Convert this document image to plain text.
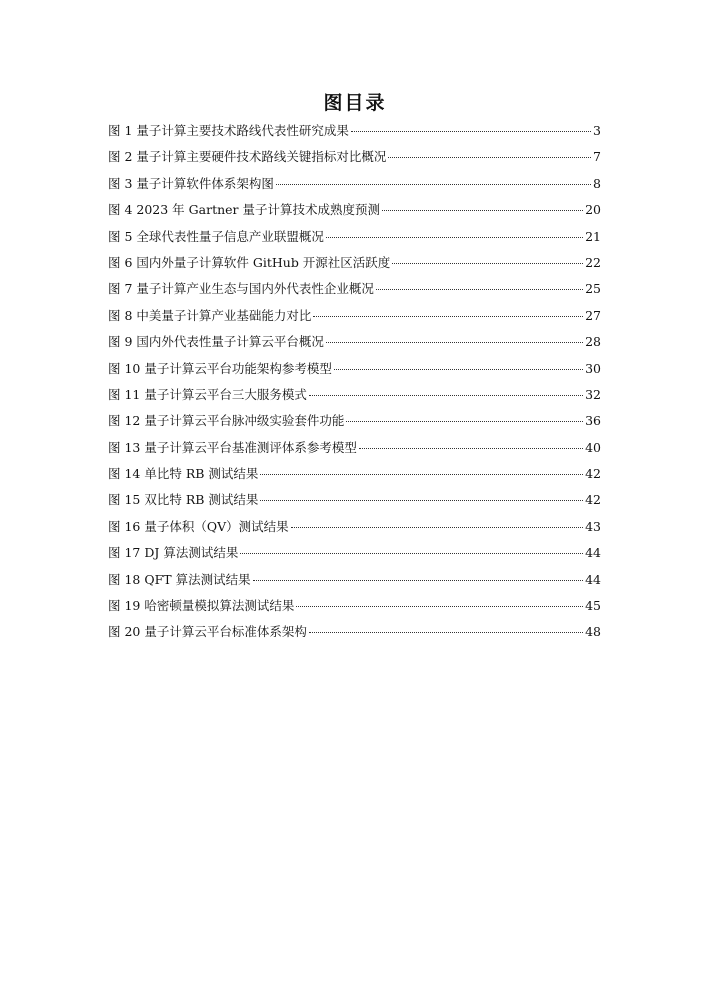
图目录
图 1 量子计算主要技术路线代表性研究成果	3
图 2 量子计算主要硬件技术路线关键指标对比概况	7
图 3 量子计算软件体系架构图	8
图 4 2023 年 Gartner 量子计算技术成熟度预测	20
图 5 全球代表性量子信息产业联盟概况	21
图 6 国内外量子计算软件 GitHub 开源社区活跃度	22
图 7 量子计算产业生态与国内外代表性企业概况	25
图 8 中美量子计算产业基础能力对比	27
图 9 国内外代表性量子计算云平台概况	28
图 10 量子计算云平台功能架构参考模型	30
图 11 量子计算云平台三大服务模式	32
图 12 量子计算云平台脉冲级实验套件功能	36
图 13 量子计算云平台基准测评体系参考模型	40
图 14 单比特 RB 测试结果	42
图 15 双比特 RB 测试结果	42
图 16 量子体积（QV）测试结果	43
图 17 DJ 算法测试结果	44
图 18 QFT 算法测试结果	44
图 19 哈密顿量模拟算法测试结果	45
图 20 量子计算云平台标准体系架构	48
